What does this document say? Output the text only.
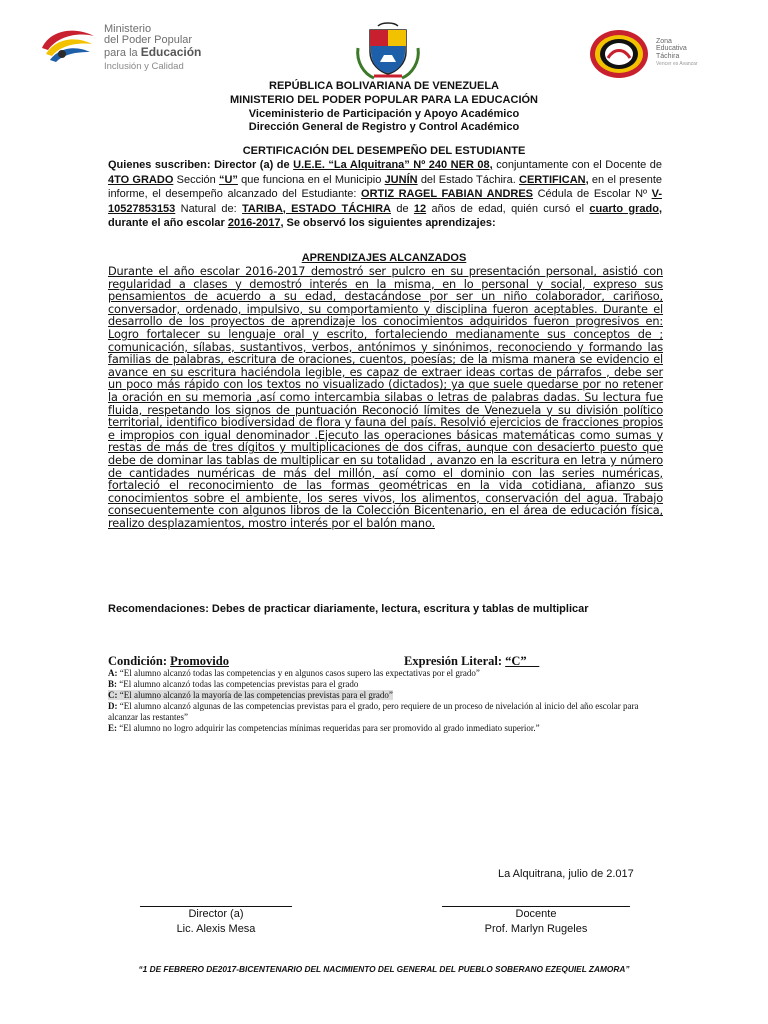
Ministerio
del Poder Popular
para la Educación
Inclusión y Calidad
Zona
Educativa
Táchira
Vencer es Avanzar
REPÚBLICA BOLIVARIANA DE VENEZUELA
MINISTERIO DEL PODER POPULAR PARA LA EDUCACIÓN
Viceministerio de Participación y Apoyo Académico
Dirección General de Registro y Control Académico
CERTIFICACIÓN DEL DESEMPEÑO DEL ESTUDIANTE
Quienes suscriben: Director (a) de U.E.E. “La Alquitrana” Nº 240 NER 08, conjuntamente con el Docente de 4TO GRADO Sección “U” que funciona en el Municipio JUNÍN del Estado Táchira. CERTIFICAN, en el presente informe, el desempeño alcanzado del Estudiante: ORTIZ RAGEL FABIAN ANDRES Cédula de Escolar Nº V-10527853153 Natural de: TARIBA, ESTADO TÁCHIRA de 12 años de edad, quién cursó el cuarto grado, durante el año escolar 2016-2017, Se observó los siguientes aprendizajes:
APRENDIZAJES ALCANZADOS
Durante el año escolar 2016-2017 demostró ser pulcro en su presentación personal, asistió con regularidad a clases y demostró interés en la misma, en lo personal y social, expreso sus pensamientos de acuerdo a su edad, destacándose por ser un niño colaborador, cariñoso, conversador, ordenado, impulsivo, su comportamiento y disciplina fueron aceptables. Durante el desarrollo de los proyectos de aprendizaje los conocimientos adquiridos fueron progresivos en: Logro fortalecer su lenguaje oral y escrito, fortaleciendo medianamente sus conceptos de ; comunicación, sílabas, sustantivos, verbos, antónimos y sinónimos, reconociendo y formando las familias de palabras, escritura de oraciones, cuentos, poesías; de la misma manera se evidencio el avance en su escritura haciéndola legible, es capaz de extraer ideas cortas de párrafos , debe ser un poco más rápido con los textos no visualizado (dictados); ya que suele quedarse por no retener la oración en su memoria ,así como intercambia silabas o letras de palabras dadas. Su lectura fue fluida, respetando los signos de puntuación Reconoció límites de Venezuela y su división político territorial, identifico biodiversidad de flora y fauna del país. Resolvió ejercicios de fracciones propios e impropios con igual denominador .Ejecuto las operaciones básicas matemáticas como sumas y restas de más de tres dígitos y multiplicaciones de dos cifras, aunque con desacierto puesto que debe de dominar las tablas de multiplicar en su totalidad , avanzo en la escritura en letra y número de cantidades numéricas de más del millón, así como el dominio con las series numéricas, fortaleció el reconocimiento de las formas geométricas en la vida cotidiana, afianzo sus conocimientos sobre el ambiente, los seres vivos, los alimentos, conservación del agua. Trabajo consecuentemente con algunos libros de la Colección Bicentenario, en el área de educación física, realizo desplazamientos, mostro interés por el balón mano.
Recomendaciones: Debes de practicar diariamente, lectura, escritura y tablas de multiplicar
Condición: Promovido	Expresión Literal: “C”__
A: “El alumno alcanzó todas las competencias y en algunos casos supero las expectativas por el grado”
B: “El alumno alcanzó todas las competencias previstas para el grado
C: “El alumno alcanzó la mayoría de las competencias previstas para el grado”
D: “El alumno alcanzó algunas de las competencias previstas para el grado, pero requiere de un proceso de nivelación al inicio del año escolar para alcanzar las restantes”
E: “El alumno no logro adquirir las competencias mínimas requeridas para ser promovido al grado inmediato superior.”
La Alquitrana, julio de 2.017
Director (a)
Lic. Alexis Mesa
Docente
Prof. Marlyn Rugeles
“1 DE FEBRERO DE2017-BICENTENARIO DEL NACIMIENTO DEL GENERAL DEL PUEBLO SOBERANO EZEQUIEL ZAMORA”
